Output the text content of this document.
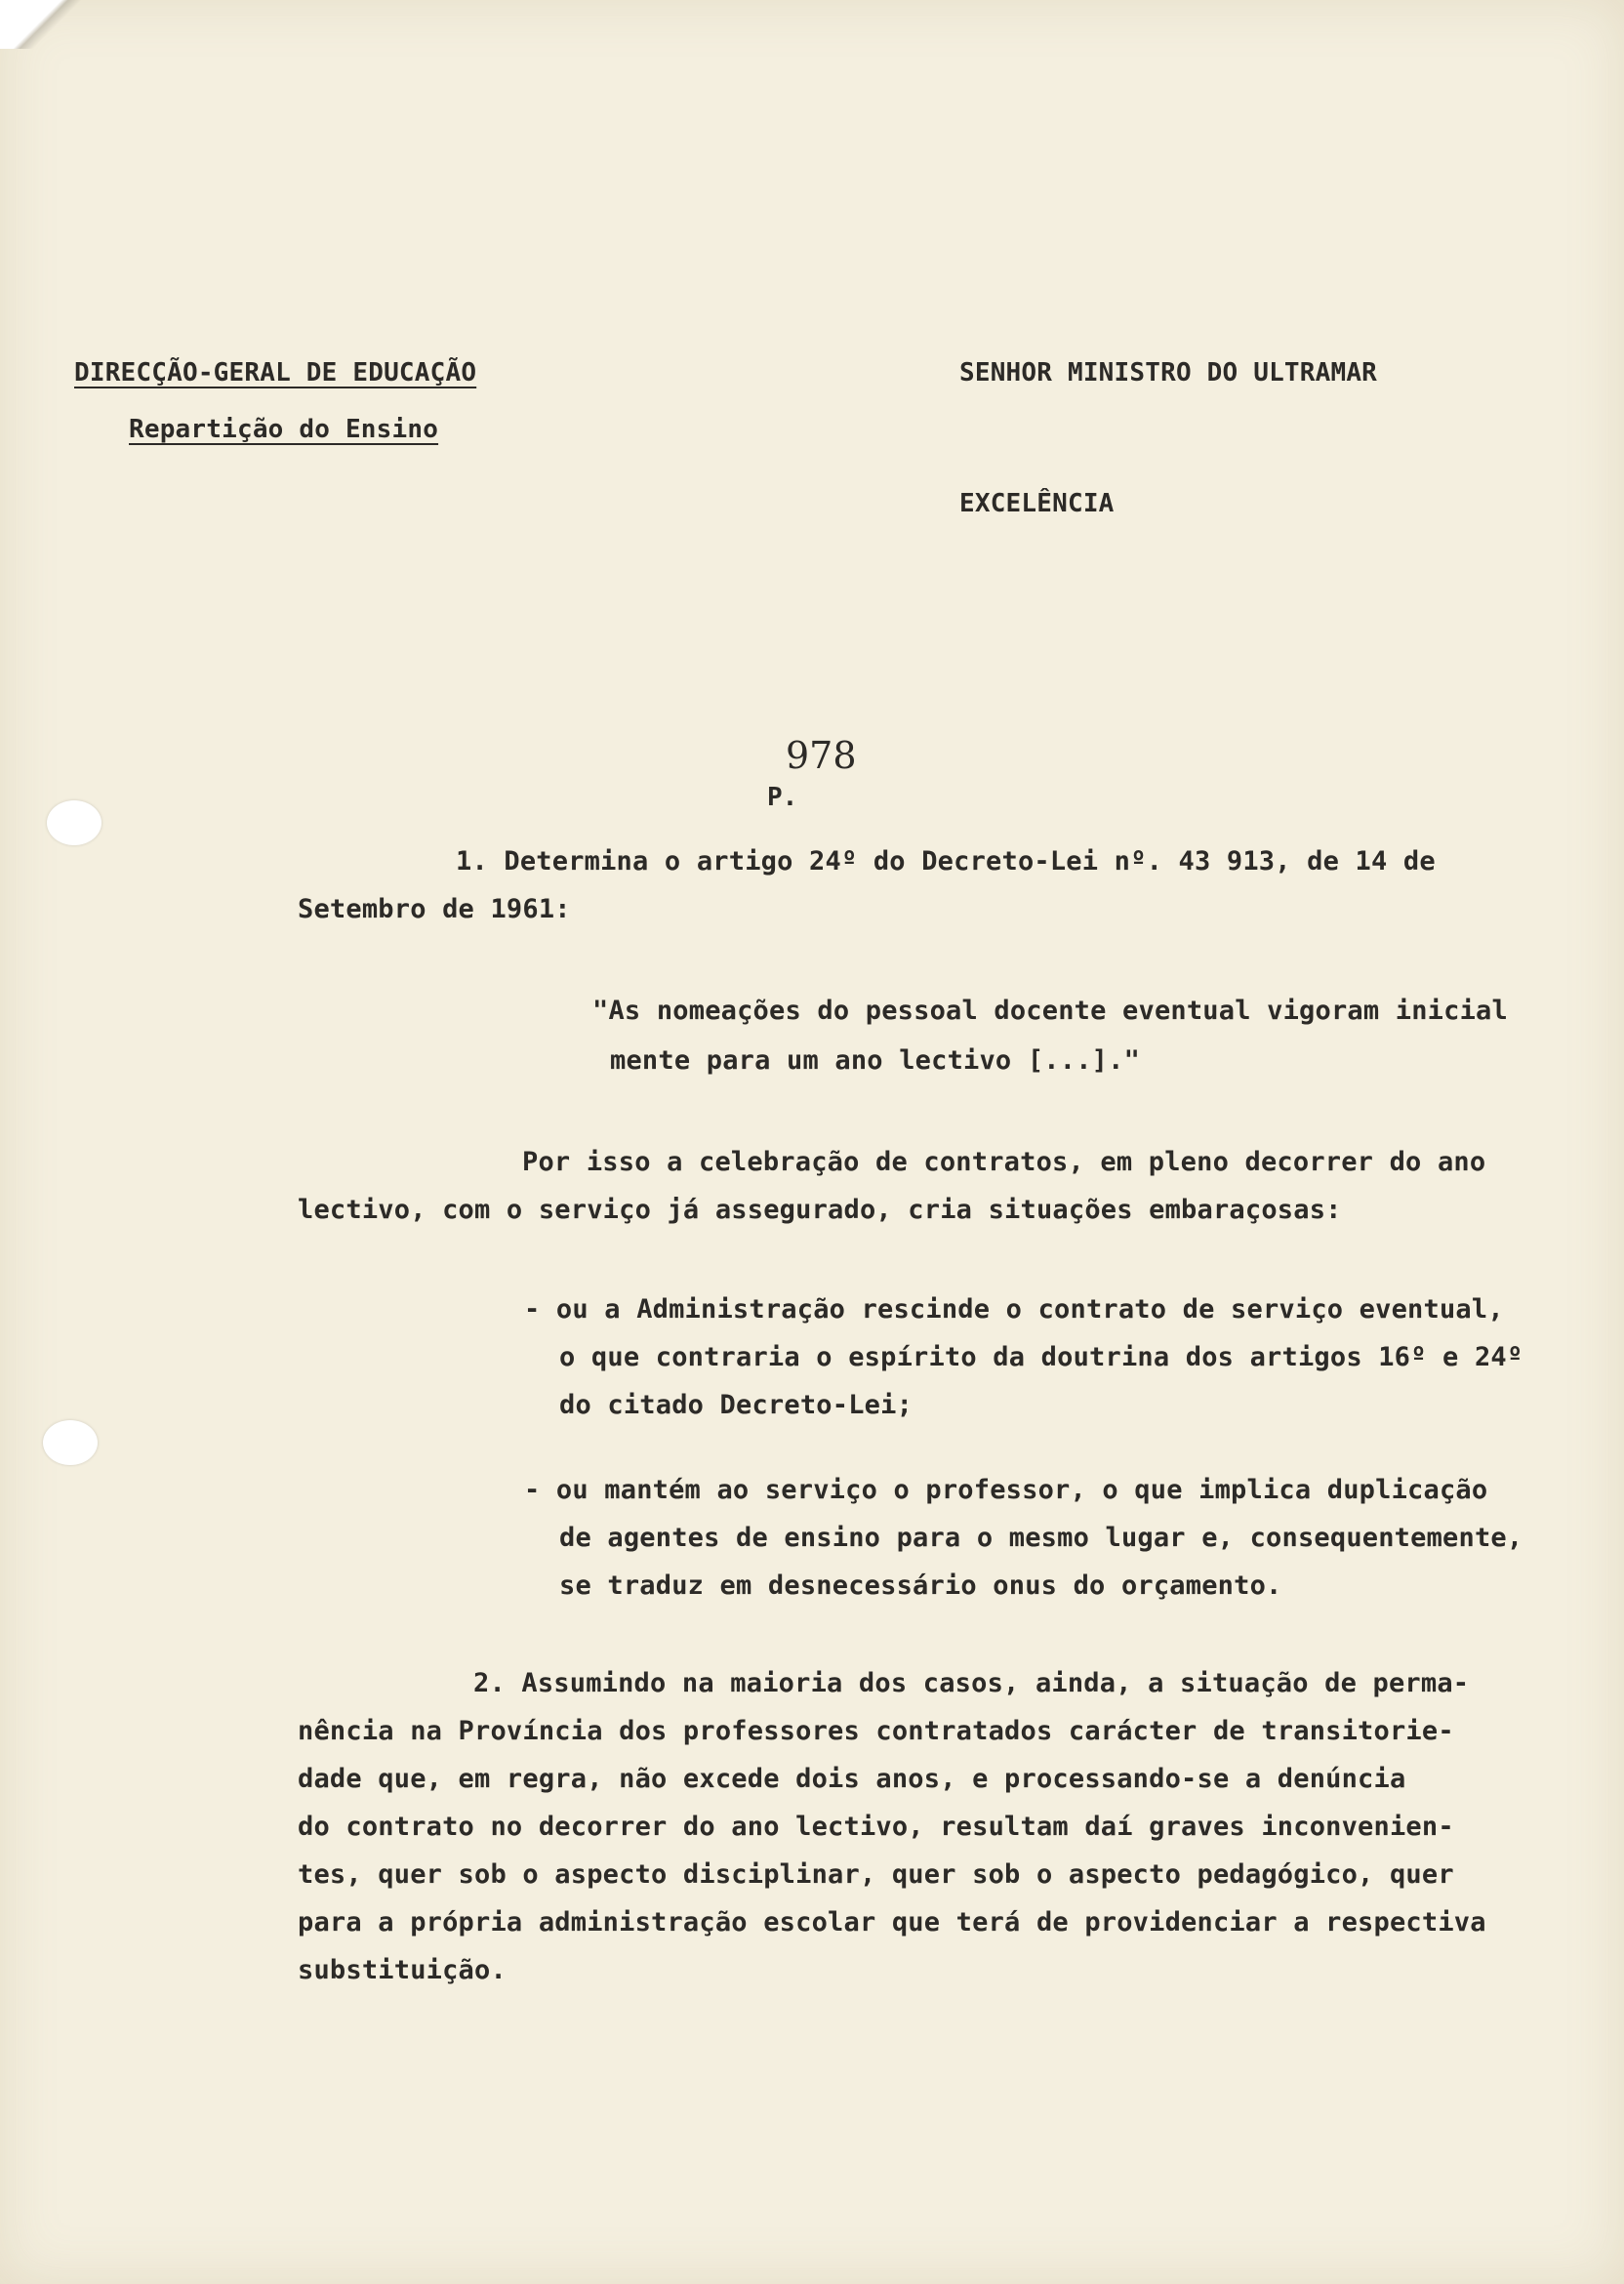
DIRECÇÃO-GERAL DE EDUCAÇÃO
Repartição do Ensino
SENHOR MINISTRO DO ULTRAMAR
EXCELÊNCIA
978
P.
1. Determina o artigo 24º do Decreto-Lei nº. 43 913, de 14 de
Setembro de 1961:
"As nomeações do pessoal docente eventual vigoram inicial
mente para um ano lectivo [...]."
Por isso a celebração de contratos, em pleno decorrer do ano
lectivo, com o serviço já assegurado, cria situações embaraçosas:
- ou a Administração rescinde o contrato de serviço eventual,
o que contraria o espírito da doutrina dos artigos 16º e 24º
do citado Decreto-Lei;
- ou mantém ao serviço o professor, o que implica duplicação
de agentes de ensino para o mesmo lugar e, consequentemente,
se traduz em desnecessário onus do orçamento.
2. Assumindo na maioria dos casos, ainda, a situação de perma-
nência na Província dos professores contratados carácter de transitorie-
dade que, em regra, não excede dois anos, e processando-se a denúncia
do contrato no decorrer do ano lectivo, resultam daí graves inconvenien-
tes, quer sob o aspecto disciplinar, quer sob o aspecto pedagógico, quer
para a própria administração escolar que terá de providenciar a respectiva
substituição.
